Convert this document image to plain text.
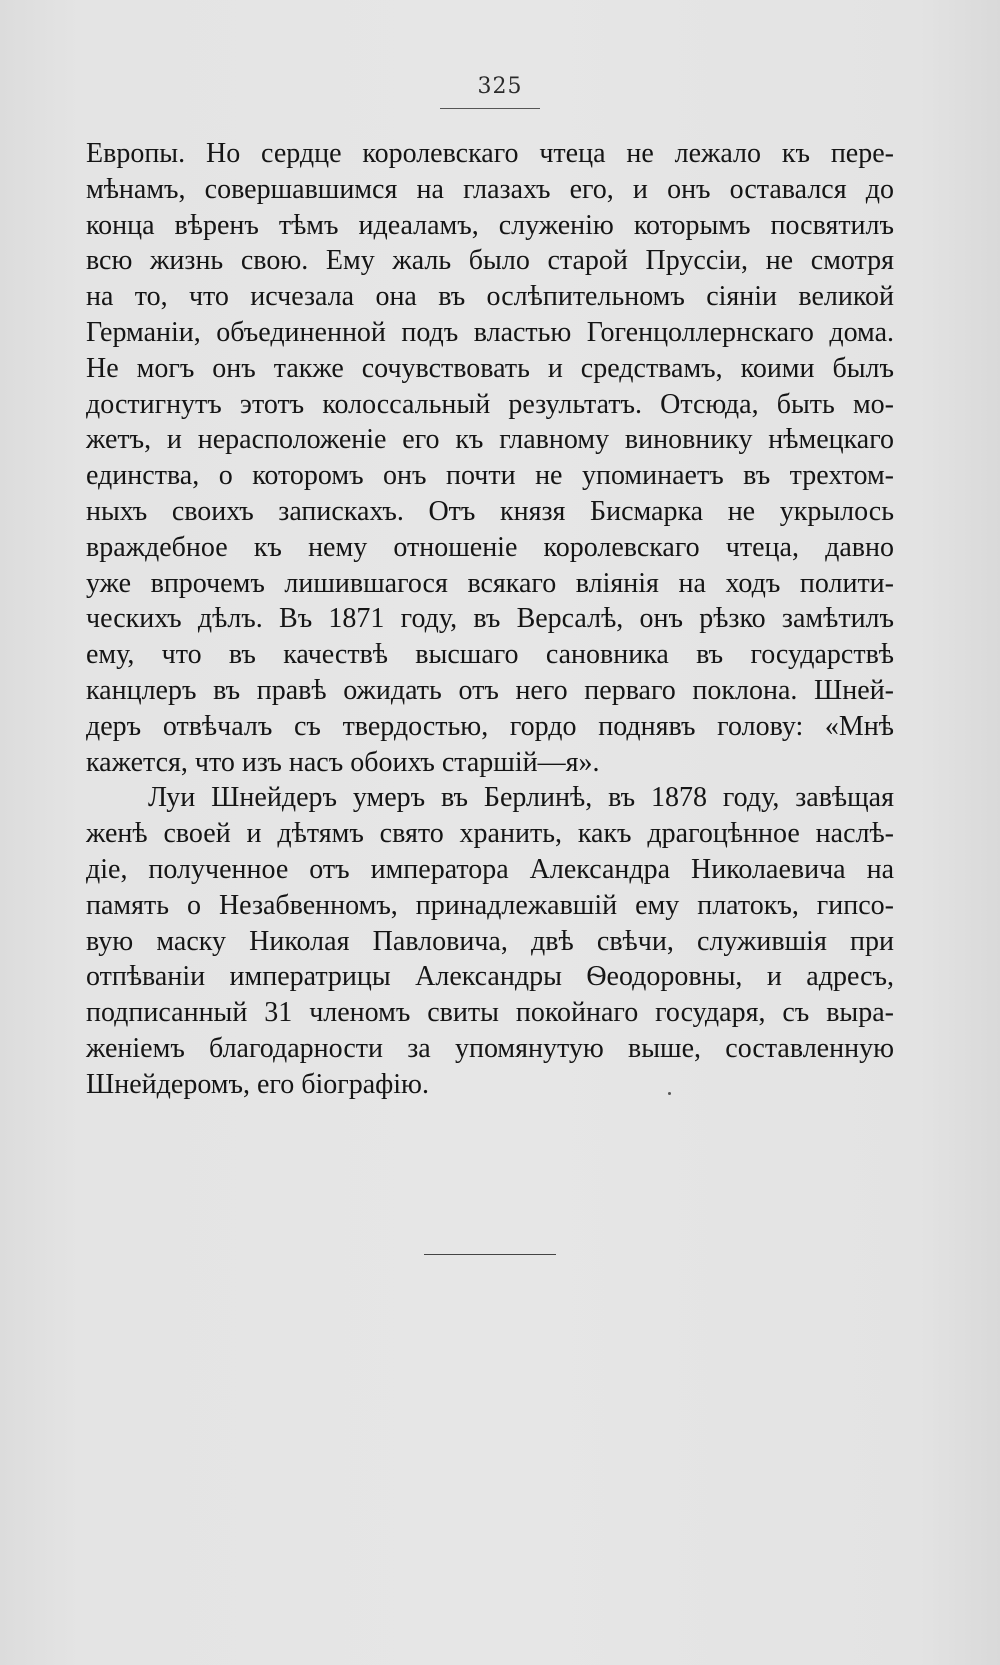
325
Европы. Но сердце королевскаго чтеца не лежало къ пере-
мѣнамъ, совершавшимся на глазахъ его, и онъ оставался до
конца вѣренъ тѣмъ идеаламъ, служенію которымъ посвятилъ
всю жизнь свою. Ему жаль было старой Пруссіи, не смотря
на то, что исчезала она въ ослѣпительномъ сіяніи великой
Германіи, объединенной подъ властью Гогенцоллернскаго дома.
Не могъ онъ также сочувствовать и средствамъ, коими былъ
достигнутъ этотъ колоссальный результатъ. Отсюда, быть мо-
жетъ, и нерасположеніе его къ главному виновнику нѣмецкаго
единства, о которомъ онъ почти не упоминаетъ въ трехтом-
ныхъ своихъ запискахъ. Отъ князя Бисмарка не укрылось
враждебное къ нему отношеніе королевскаго чтеца, давно
уже впрочемъ лишившагося всякаго вліянія на ходъ полити-
ческихъ дѣлъ. Въ 1871 году, въ Версалѣ, онъ рѣзко замѣтилъ
ему, что въ качествѣ высшаго сановника въ государствѣ
канцлеръ въ правѣ ожидать отъ него перваго поклона. Шней-
деръ отвѣчалъ съ твердостью, гордо поднявъ голову: «Мнѣ
кажется, что изъ насъ обоихъ старшій—я».
Луи Шнейдеръ умеръ въ Берлинѣ, въ 1878 году, завѣщая
женѣ своей и дѣтямъ свято хранить, какъ драгоцѣнное наслѣ-
діе, полученное отъ императора Александра Николаевича на
память о Незабвенномъ, принадлежавшій ему платокъ, гипсо-
вую маску Николая Павловича, двѣ свѣчи, служившія при
отпѣваніи императрицы Александры Ѳеодоровны, и адресъ,
подписанный 31 членомъ свиты покойнаго государя, съ выра-
женіемъ благодарности за упомянутую выше, составленную
Шнейдеромъ, его біографію.
